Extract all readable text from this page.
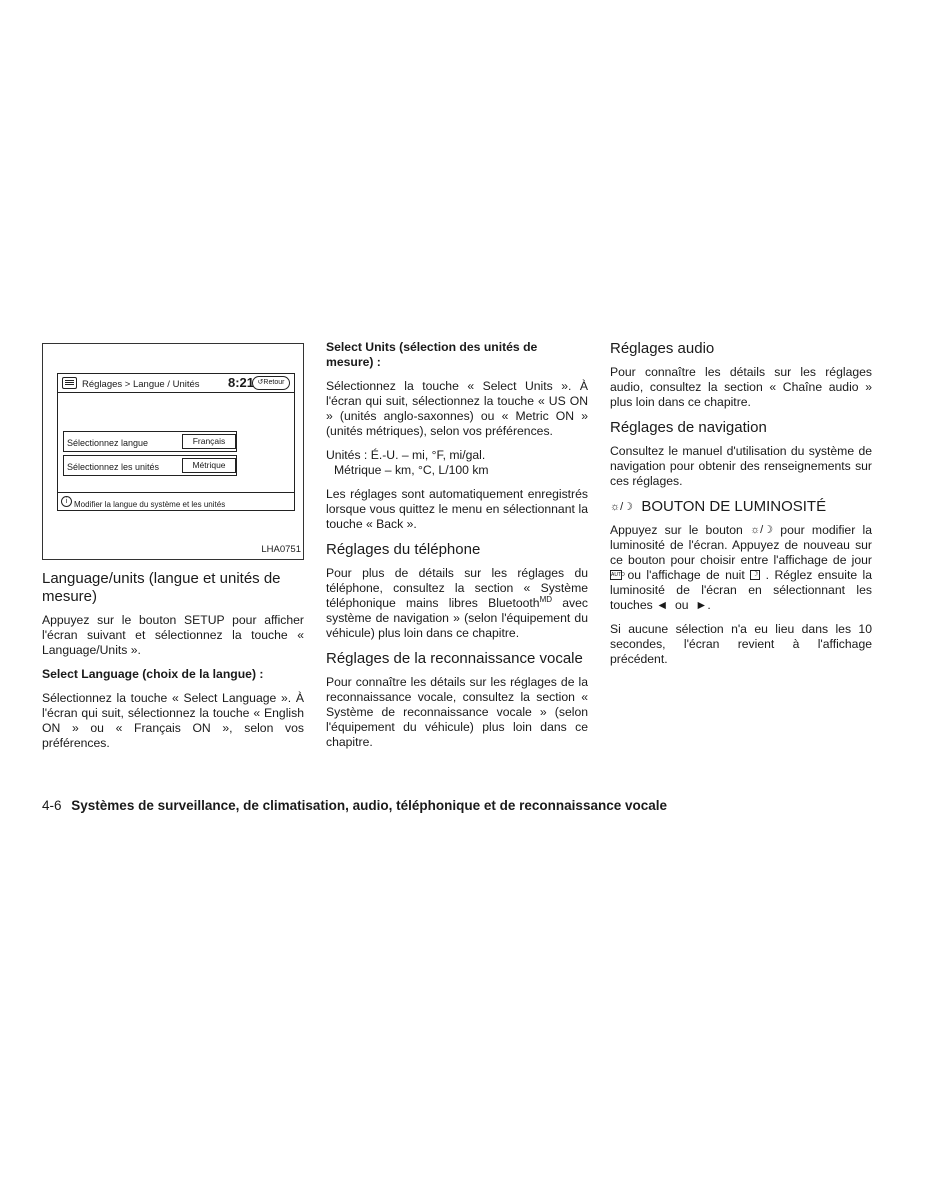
Réglages > Langue / Unités 8:21 ↺Retour
Sélectionnez langue	Français
Sélectionnez les unités	Métrique
i Modifier la langue du système et les unités
LHA0751
Language/units (langue et unités de mesure)

Appuyez sur le bouton SETUP pour afficher l'écran suivant et sélectionnez la touche « Language/Units ».

Select Language (choix de la langue) :

Sélectionnez la touche « Select Language ». À l'écran qui suit, sélectionnez la touche « English ON » ou « Français ON », selon vos préférences.

Select Units (sélection des unités de mesure) :

Sélectionnez la touche « Select Units ». À l'écran qui suit, sélectionnez la touche « US ON » (unités anglo-saxonnes) ou « Metric ON » (unités métriques), selon vos préférences.

Unités : É.-U. – mi, °F, mi/gal.
Métrique – km, °C, L/100 km

Les réglages sont automatiquement enregistrés lorsque vous quittez le menu en sélectionnant la touche « Back ».

Réglages du téléphone

Pour plus de détails sur les réglages du téléphone, consultez la section « Système téléphonique mains libres Bluetooth$^{MD}$ avec système de navigation » (selon l'équipement du véhicule) plus loin dans ce chapitre.

Réglages de la reconnaissance vocale

Pour connaître les détails sur les réglages de la reconnaissance vocale, consultez la section « Système de reconnaissance vocale » (selon l'équipement du véhicule) plus loin dans ce chapitre.

Réglages audio

Pour connaître les détails sur les réglages audio, consultez la section « Chaîne audio » plus loin dans ce chapitre.

Réglages de navigation

Consultez le manuel d'utilisation du système de navigation pour obtenir des renseignements sur ces réglages.

☼/☽ BOUTON DE LUMINOSITÉ

Appuyez sur le bouton ☼/☽ pour modifier la luminosité de l'écran. Appuyez de nouveau sur ce bouton pour choisir entre l'affichage de jour AUTO ou l'affichage de nuit ☽ . Réglez ensuite la luminosité de l'écran en sélectionnant les touches ◄ ou ►.

Si aucune sélection n'a eu lieu dans les 10 secondes, l'écran revient à l'affichage précédent.

4-6 Systèmes de surveillance, de climatisation, audio, téléphonique et de reconnaissance vocale
